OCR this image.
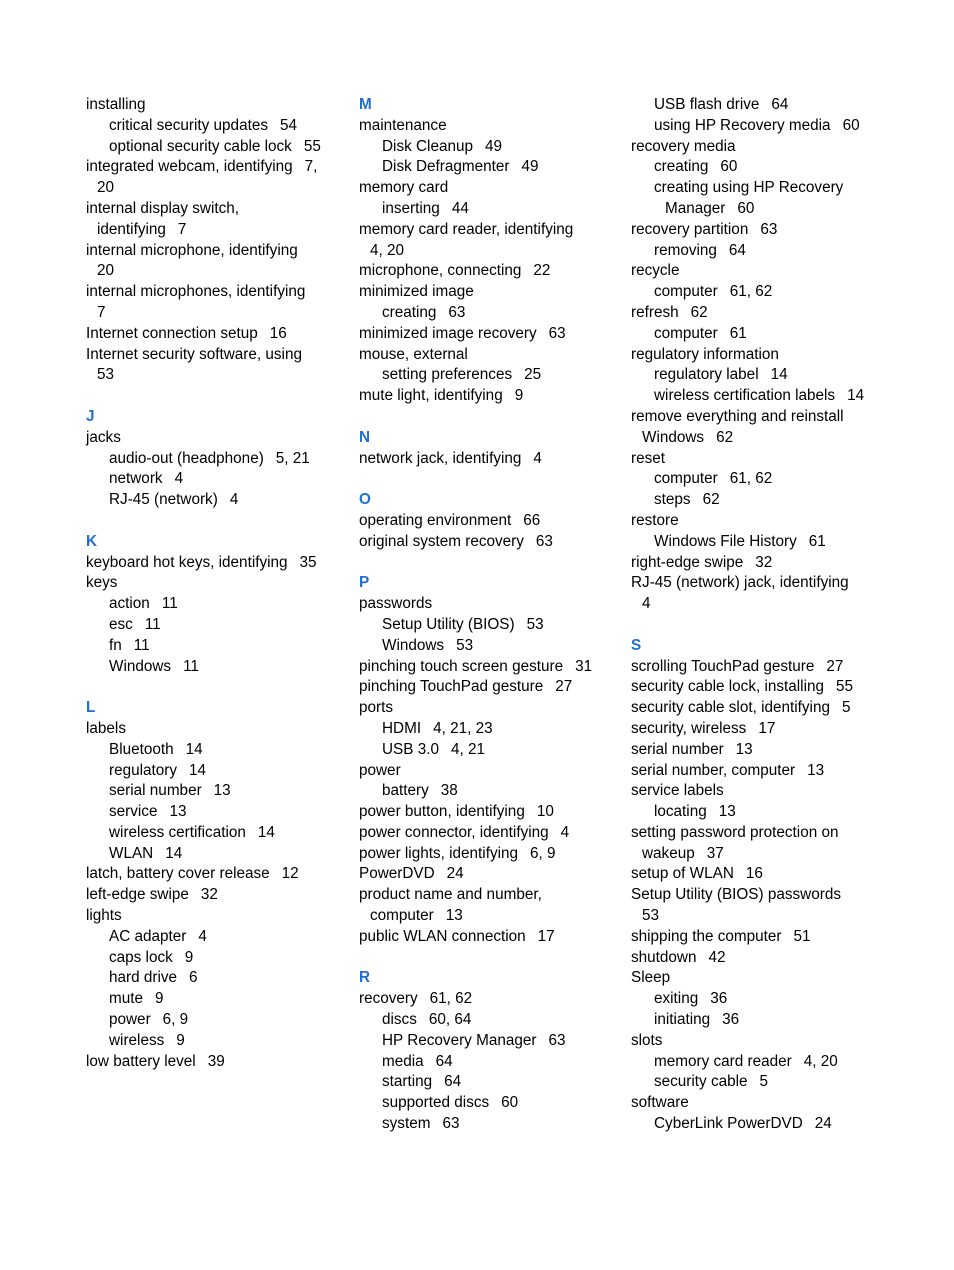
installing
critical security updates 54
optional security cable lock 55
integrated webcam, identifying 7,
20
internal display switch,
identifying 7
internal microphone, identifying
20
internal microphones, identifying
7
Internet connection setup 16
Internet security software, using
53
J
jacks
audio-out (headphone) 5, 21
network 4
RJ-45 (network) 4
K
keyboard hot keys, identifying 35
keys
action 11
esc 11
fn 11
Windows 11
L
labels
Bluetooth 14
regulatory 14
serial number 13
service 13
wireless certification 14
WLAN 14
latch, battery cover release 12
left-edge swipe 32
lights
AC adapter 4
caps lock 9
hard drive 6
mute 9
power 6, 9
wireless 9
low battery level 39
M
maintenance
Disk Cleanup 49
Disk Defragmenter 49
memory card
inserting 44
memory card reader, identifying
4, 20
microphone, connecting 22
minimized image
creating 63
minimized image recovery 63
mouse, external
setting preferences 25
mute light, identifying 9
N
network jack, identifying 4
O
operating environment 66
original system recovery 63
P
passwords
Setup Utility (BIOS) 53
Windows 53
pinching touch screen gesture 31
pinching TouchPad gesture 27
ports
HDMI 4, 21, 23
USB 3.0 4, 21
power
battery 38
power button, identifying 10
power connector, identifying 4
power lights, identifying 6, 9
PowerDVD 24
product name and number,
computer 13
public WLAN connection 17
R
recovery 61, 62
discs 60, 64
HP Recovery Manager 63
media 64
starting 64
supported discs 60
system 63
USB flash drive 64
using HP Recovery media 60
recovery media
creating 60
creating using HP Recovery
Manager 60
recovery partition 63
removing 64
recycle
computer 61, 62
refresh 62
computer 61
regulatory information
regulatory label 14
wireless certification labels 14
remove everything and reinstall
Windows 62
reset
computer 61, 62
steps 62
restore
Windows File History 61
right-edge swipe 32
RJ-45 (network) jack, identifying
4
S
scrolling TouchPad gesture 27
security cable lock, installing 55
security cable slot, identifying 5
security, wireless 17
serial number 13
serial number, computer 13
service labels
locating 13
setting password protection on
wakeup 37
setup of WLAN 16
Setup Utility (BIOS) passwords
53
shipping the computer 51
shutdown 42
Sleep
exiting 36
initiating 36
slots
memory card reader 4, 20
security cable 5
software
CyberLink PowerDVD 24
